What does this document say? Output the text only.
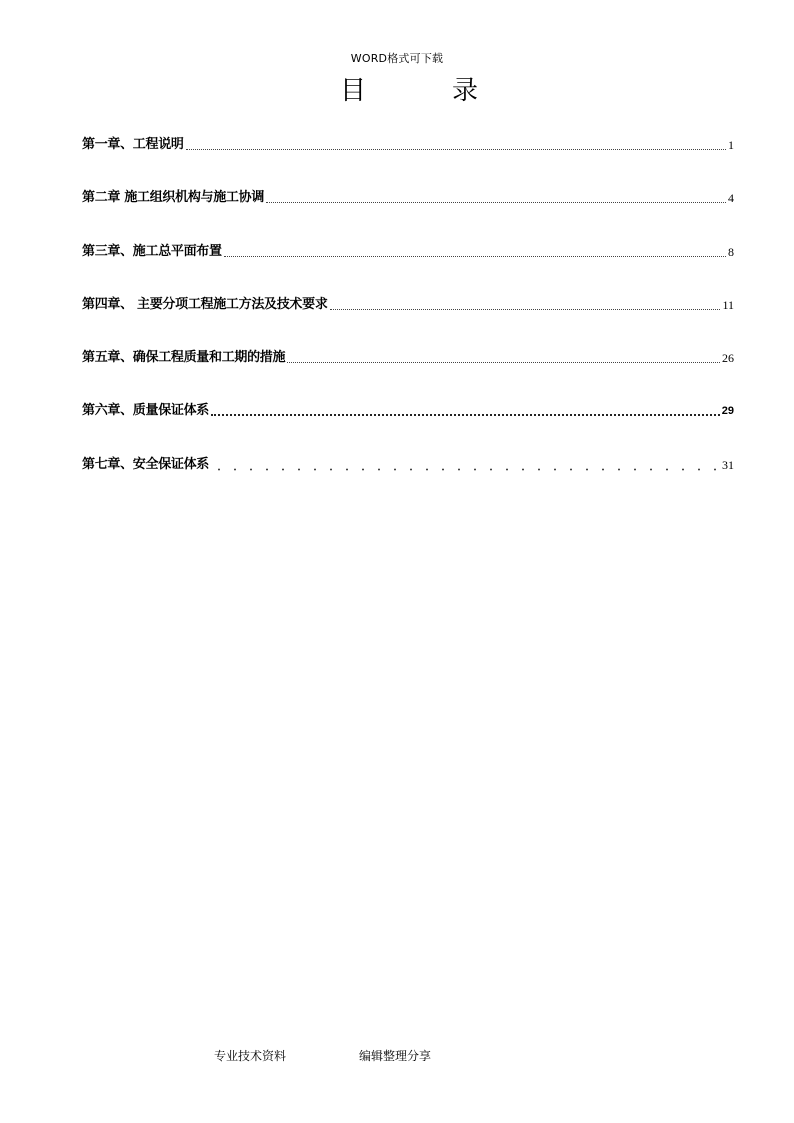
WORD格式可下载
目	录
第一章、工程说明	1
第二章 施工组织机构与施工协调	4
第三章、施工总平面布置	8
第四章、 主要分项工程施工方法及技术要求	11
第五章、确保工程质量和工期的措施	26
第六章、质量保证体系	29
第七章、安全保证体系	31
专业技术资料	编辑整理分享
